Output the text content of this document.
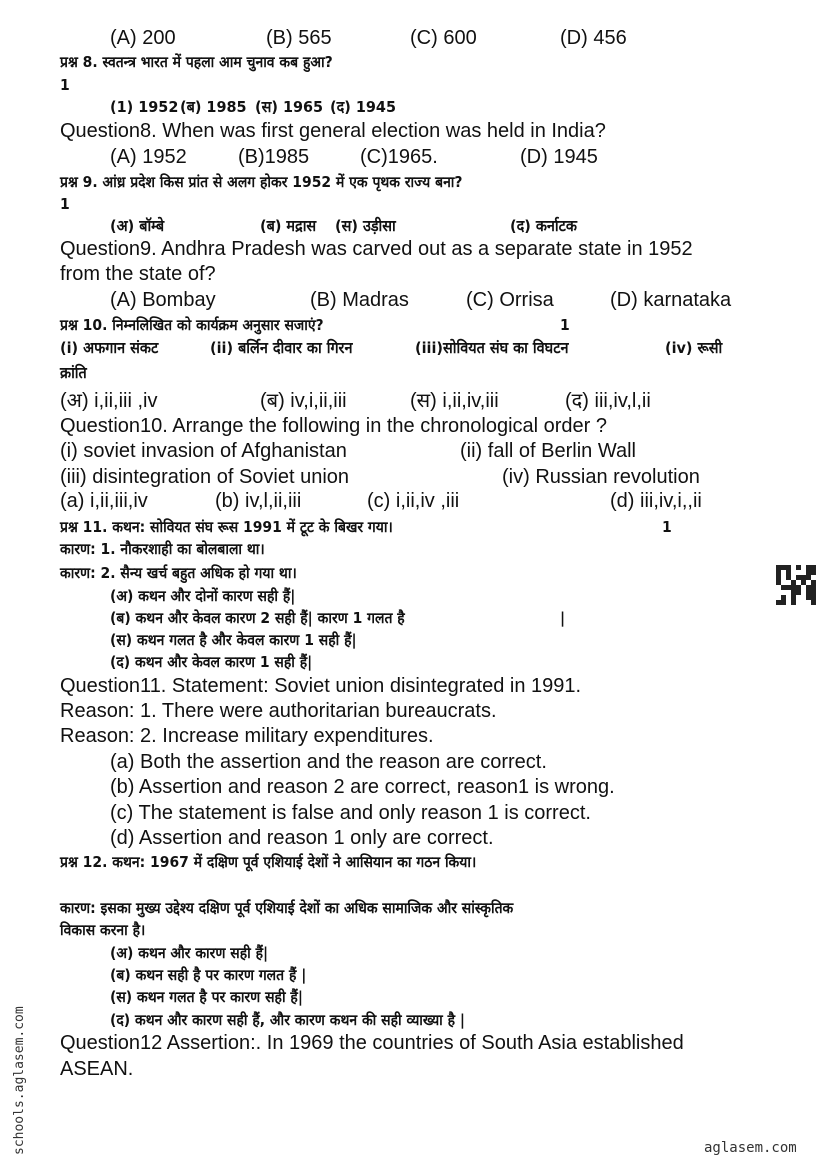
(A) 200	(B) 565	(C) 600	(D) 456
प्रश्न 8. स्वतन्त्र भारत में पहला आम चुनाव कब हुआ?
1
(1) 1952 (ब) 1985 (स) 1965 (द) 1945
Question8. When was first general election was held in India?
(A) 1952	(B)1985	(C)1965.	(D) 1945
प्रश्न 9. आंध्र प्रदेश किस प्रांत से अलग होकर 1952 में एक पृथक राज्य बना?
1
(अ) बॉम्बे	(ब) मद्रास (स) उड़ीसा	(द) कर्नाटक
Question9. Andhra Pradesh was carved out as a separate state in 1952
from the state of?
(A) Bombay	(B) Madras	(C) Orrisa	(D) karnataka
प्रश्न 10. निम्नलिखित को कार्यक्रम अनुसार सजाएं?	1
(i) अफगान संकट	(ii) बर्लिन दीवार का गिरन	(iii)सोवियत संघ का विघटन	(iv) रूसी
क्रांति
(अ) i,ii,iii ,iv	(ब) iv,i,ii,iii	(स) i,ii,iv,iii	(द) iii,iv,l,ii
Question10. Arrange the following in the chronological order ?
(i) soviet invasion of Afghanistan	(ii) fall of Berlin Wall
(iii) disintegration of Soviet union	(iv) Russian revolution
(a) i,ii,iii,iv	(b) iv,l,ii,iii	(c) i,ii,iv ,iii	(d) iii,iv,i,,ii
प्रश्न 11. कथन: सोवियत संघ रूस 1991 में टूट के बिखर गया।	1
कारण: 1. नौकरशाही का बोलबाला था।
कारण: 2. सैन्य खर्च बहुत अधिक हो गया था।
(अ) कथन और दोनों कारण सही हैं|
(ब) कथन और केवल कारण 2 सही हैं| कारण 1 गलत है	|
(स) कथन गलत है और केवल कारण 1 सही हैं|
(द) कथन और केवल कारण 1 सही हैं|
Question11. Statement: Soviet union disintegrated in 1991.
Reason: 1. There were authoritarian bureaucrats.
Reason: 2. Increase military expenditures.
(a) Both the assertion and the reason are correct.
(b) Assertion and reason 2 are correct, reason1 is wrong.
(c) The statement is false and only reason 1 is correct.
(d) Assertion and reason 1 only are correct.
प्रश्न 12. कथन: 1967 में दक्षिण पूर्व एशियाई देशों ने आसियान का गठन किया।
कारण: इसका मुख्य उद्देश्य दक्षिण पूर्व एशियाई देशों का अधिक सामाजिक और सांस्कृतिक
विकास करना है।
(अ) कथन और कारण सही हैं|
(ब) कथन सही है पर कारण गलत हैं |
(स) कथन गलत है पर कारण सही हैं|
(द) कथन और कारण सही हैं, और कारण कथन की सही व्याख्या है |
Question12 Assertion:. In 1969 the countries of South Asia established
ASEAN.
schools.aglasem.com	aglasem.com
